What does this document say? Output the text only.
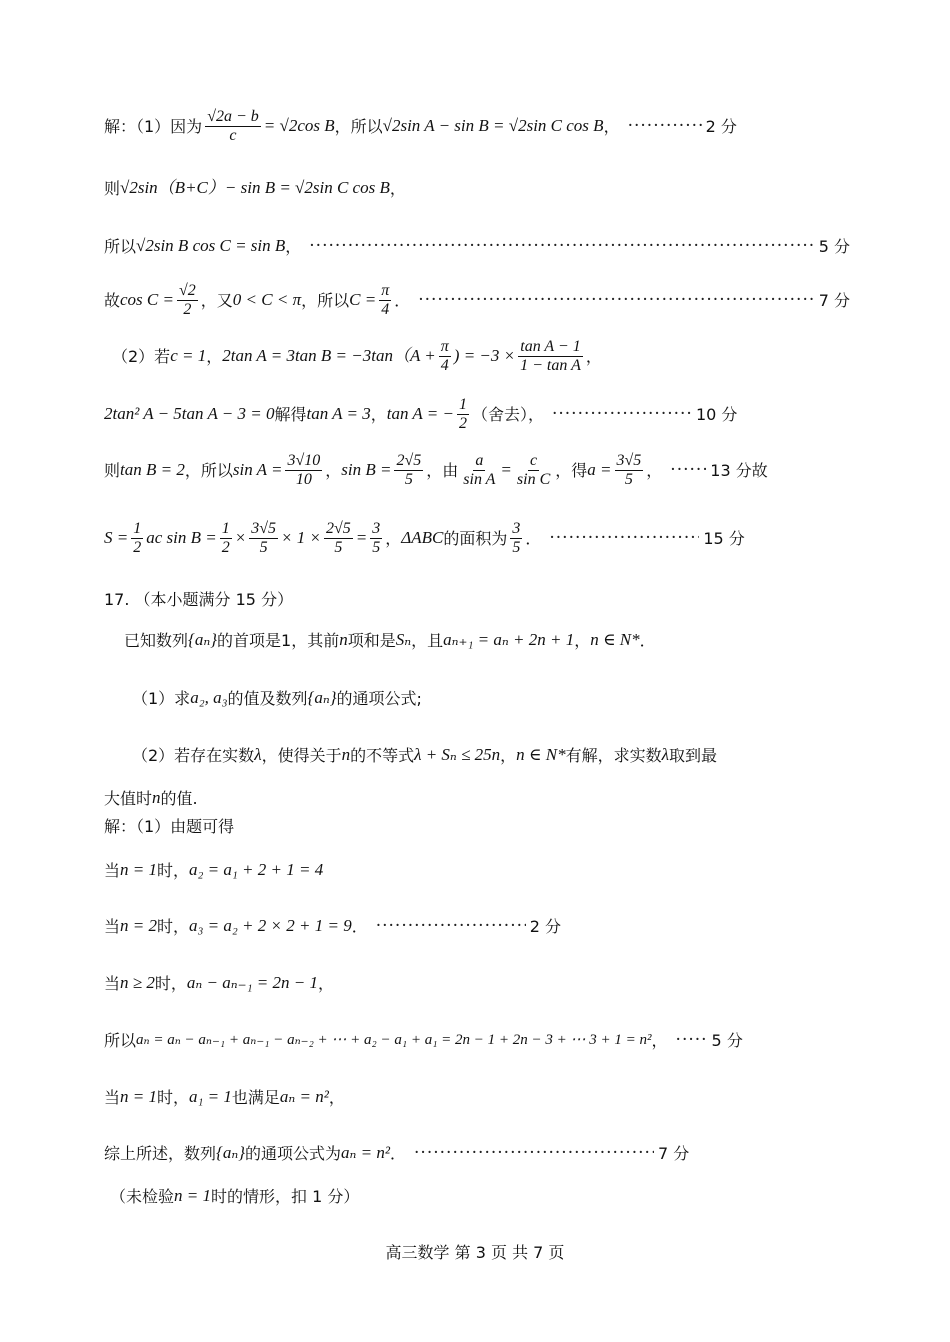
解：（1）因为 $\frac{√2a - b}{c} = √2\cos$ B ，所以 √2sin A − sin B = √2sin C cos B ， ·····	2 分
则 √2sin（B+C）− sin B = √2sin C cos B ，
所以 √2sin B cos C = sin B ， ·····	5 分
故 $\cos C = \frac{√2}{2}$ ，又 0 < C < π ，所以 $C = \frac{\pi}{4}$ ． ·····	7 分
（2）若 c = 1 ， 2tan A = 3tan $B = -3\tan(A + \frac{\pi}{4}$ ) = $-3 \times \frac{\text{tan A − 1}}{\text{1 − tan A}}$ ，
2tan² A − 5tan A − 3 = 0 解得 tan A = 3 ， tan A = − $\frac{1}{2}$ （舍去）， ·····	10 分
则 tan B = 2 ，所以 $\sin A = \frac{3√10}{10}$ ， $\sin B = \frac{2√5}{5}$ ，由 $\frac{a}{\text{sin A}} = \frac{c}{\text{sin C}}$ ，得 $a = \frac{3√5}{5}$ ， ·····	13 分故
$S = \frac{1}{2}$ ac $\sin B = \frac{1}{2} \times \frac{3√5}{5} \times 1 \times \frac{2√5}{5} = \frac{3}{5}$ ， ΔABC 的面积为 $\frac{3}{5}$ ． ·····	15 分
17. （本小题满分 15 分）
已知数列 {aₙ} 的首项是1，其前 n 项和是 Sₙ ，且 aₙ₊₁ = aₙ + 2n + 1 ， n ∈ N* ．
（1）求 a₂, a₃ 的值及数列 {aₙ} 的通项公式;
（2）若存在实数 λ ，使得关于 n 的不等式 λ + Sₙ ≤ 25n ， n ∈ N* 有解，求实数 λ 取到最
大值时 n 的值.
解：（1）由题可得
当 n = 1 时， a₂ = a₁ + 2 + 1 = 4
当 n = 2 时， a₃ = a₂ + 2 × 2 + 1 = 9 ． ·····	2 分
当 n ≥ 2 时， aₙ − aₙ₋₁ = 2n − 1 ，
所以 aₙ = aₙ − aₙ₋₁ + aₙ₋₁ − aₙ₋₂ + ⋯ + a₂ − a₁ + a₁ = 2n − 1 + 2n − 3 + ⋯ 3 + 1 = n² ， ·····	5 分
当 n = 1 时， a₁ = 1 也满足 aₙ = n² ，
综上所述，数列 {aₙ} 的通项公式为 aₙ = n² ． ·····	7 分
（未检验 n = 1 时的情形，扣 1 分）
高三数学 第 3 页 共 7 页
